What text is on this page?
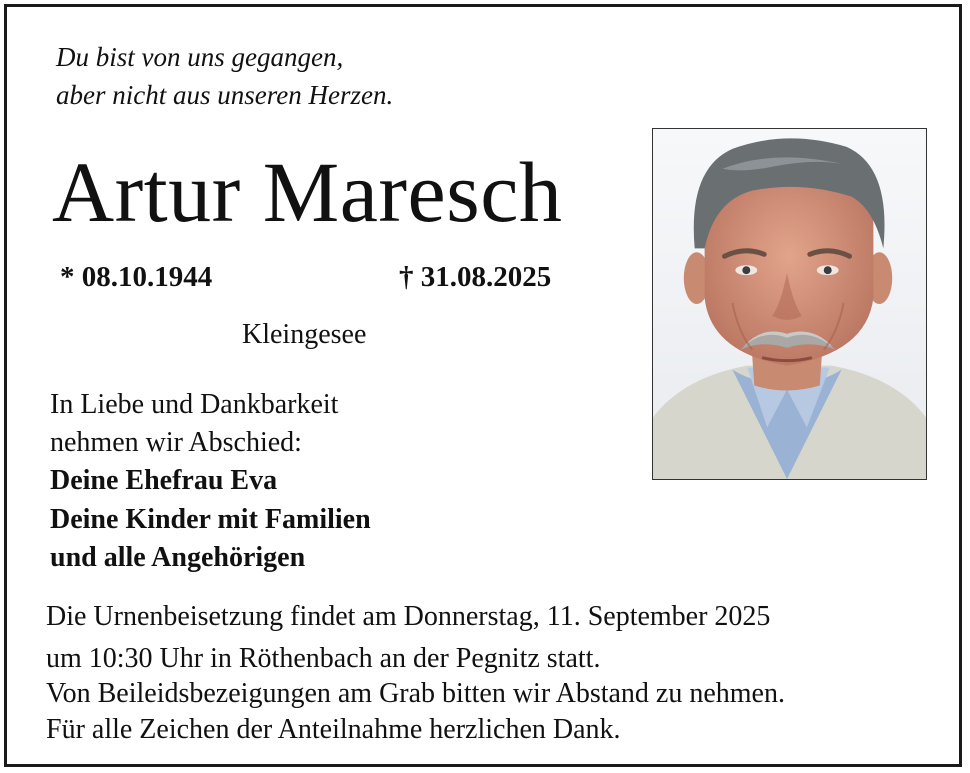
Du bist von uns gegangen,
aber nicht aus unseren Herzen.
Artur Maresch
* 08.10.1944	† 31.08.2025
Kleingesee
In Liebe und Dankbarkeit
nehmen wir Abschied:
Deine Ehefrau Eva
Deine Kinder mit Familien
und alle Angehörigen
Die Urnenbeisetzung findet am Donnerstag, 11. September 2025
um 10:30 Uhr in Röthenbach an der Pegnitz statt.
Von Beileidsbezeigungen am Grab bitten wir Abstand zu nehmen.
Für alle Zeichen der Anteilnahme herzlichen Dank.
